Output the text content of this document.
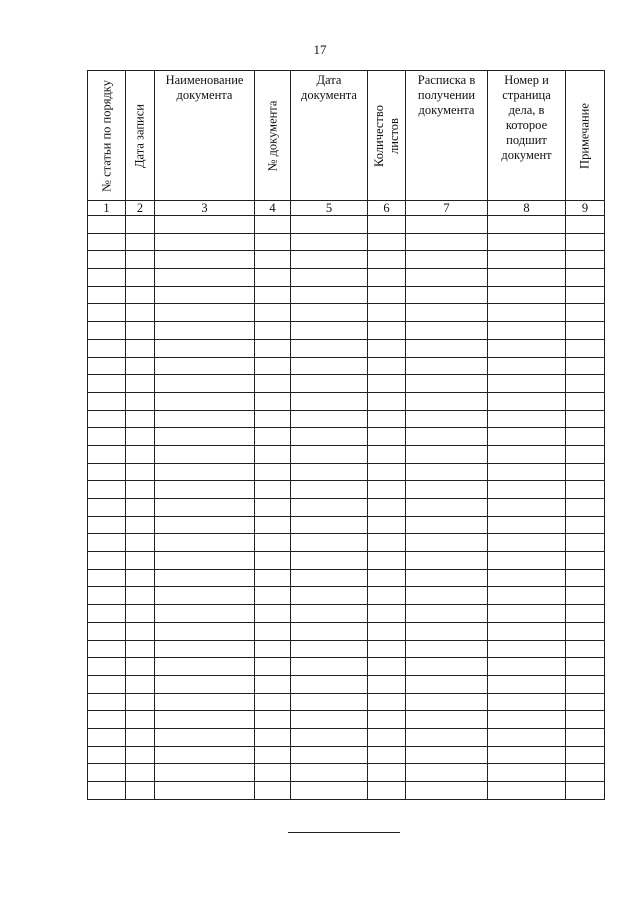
17
№ статьи по порядку	Дата записи	Наименование документа	№ документа	Дата документа	Количество листов	Расписка в получении документа	Номер и страница дела, в которое подшит документ	Примечание

1	2	3	4	5	6	7	8	9
